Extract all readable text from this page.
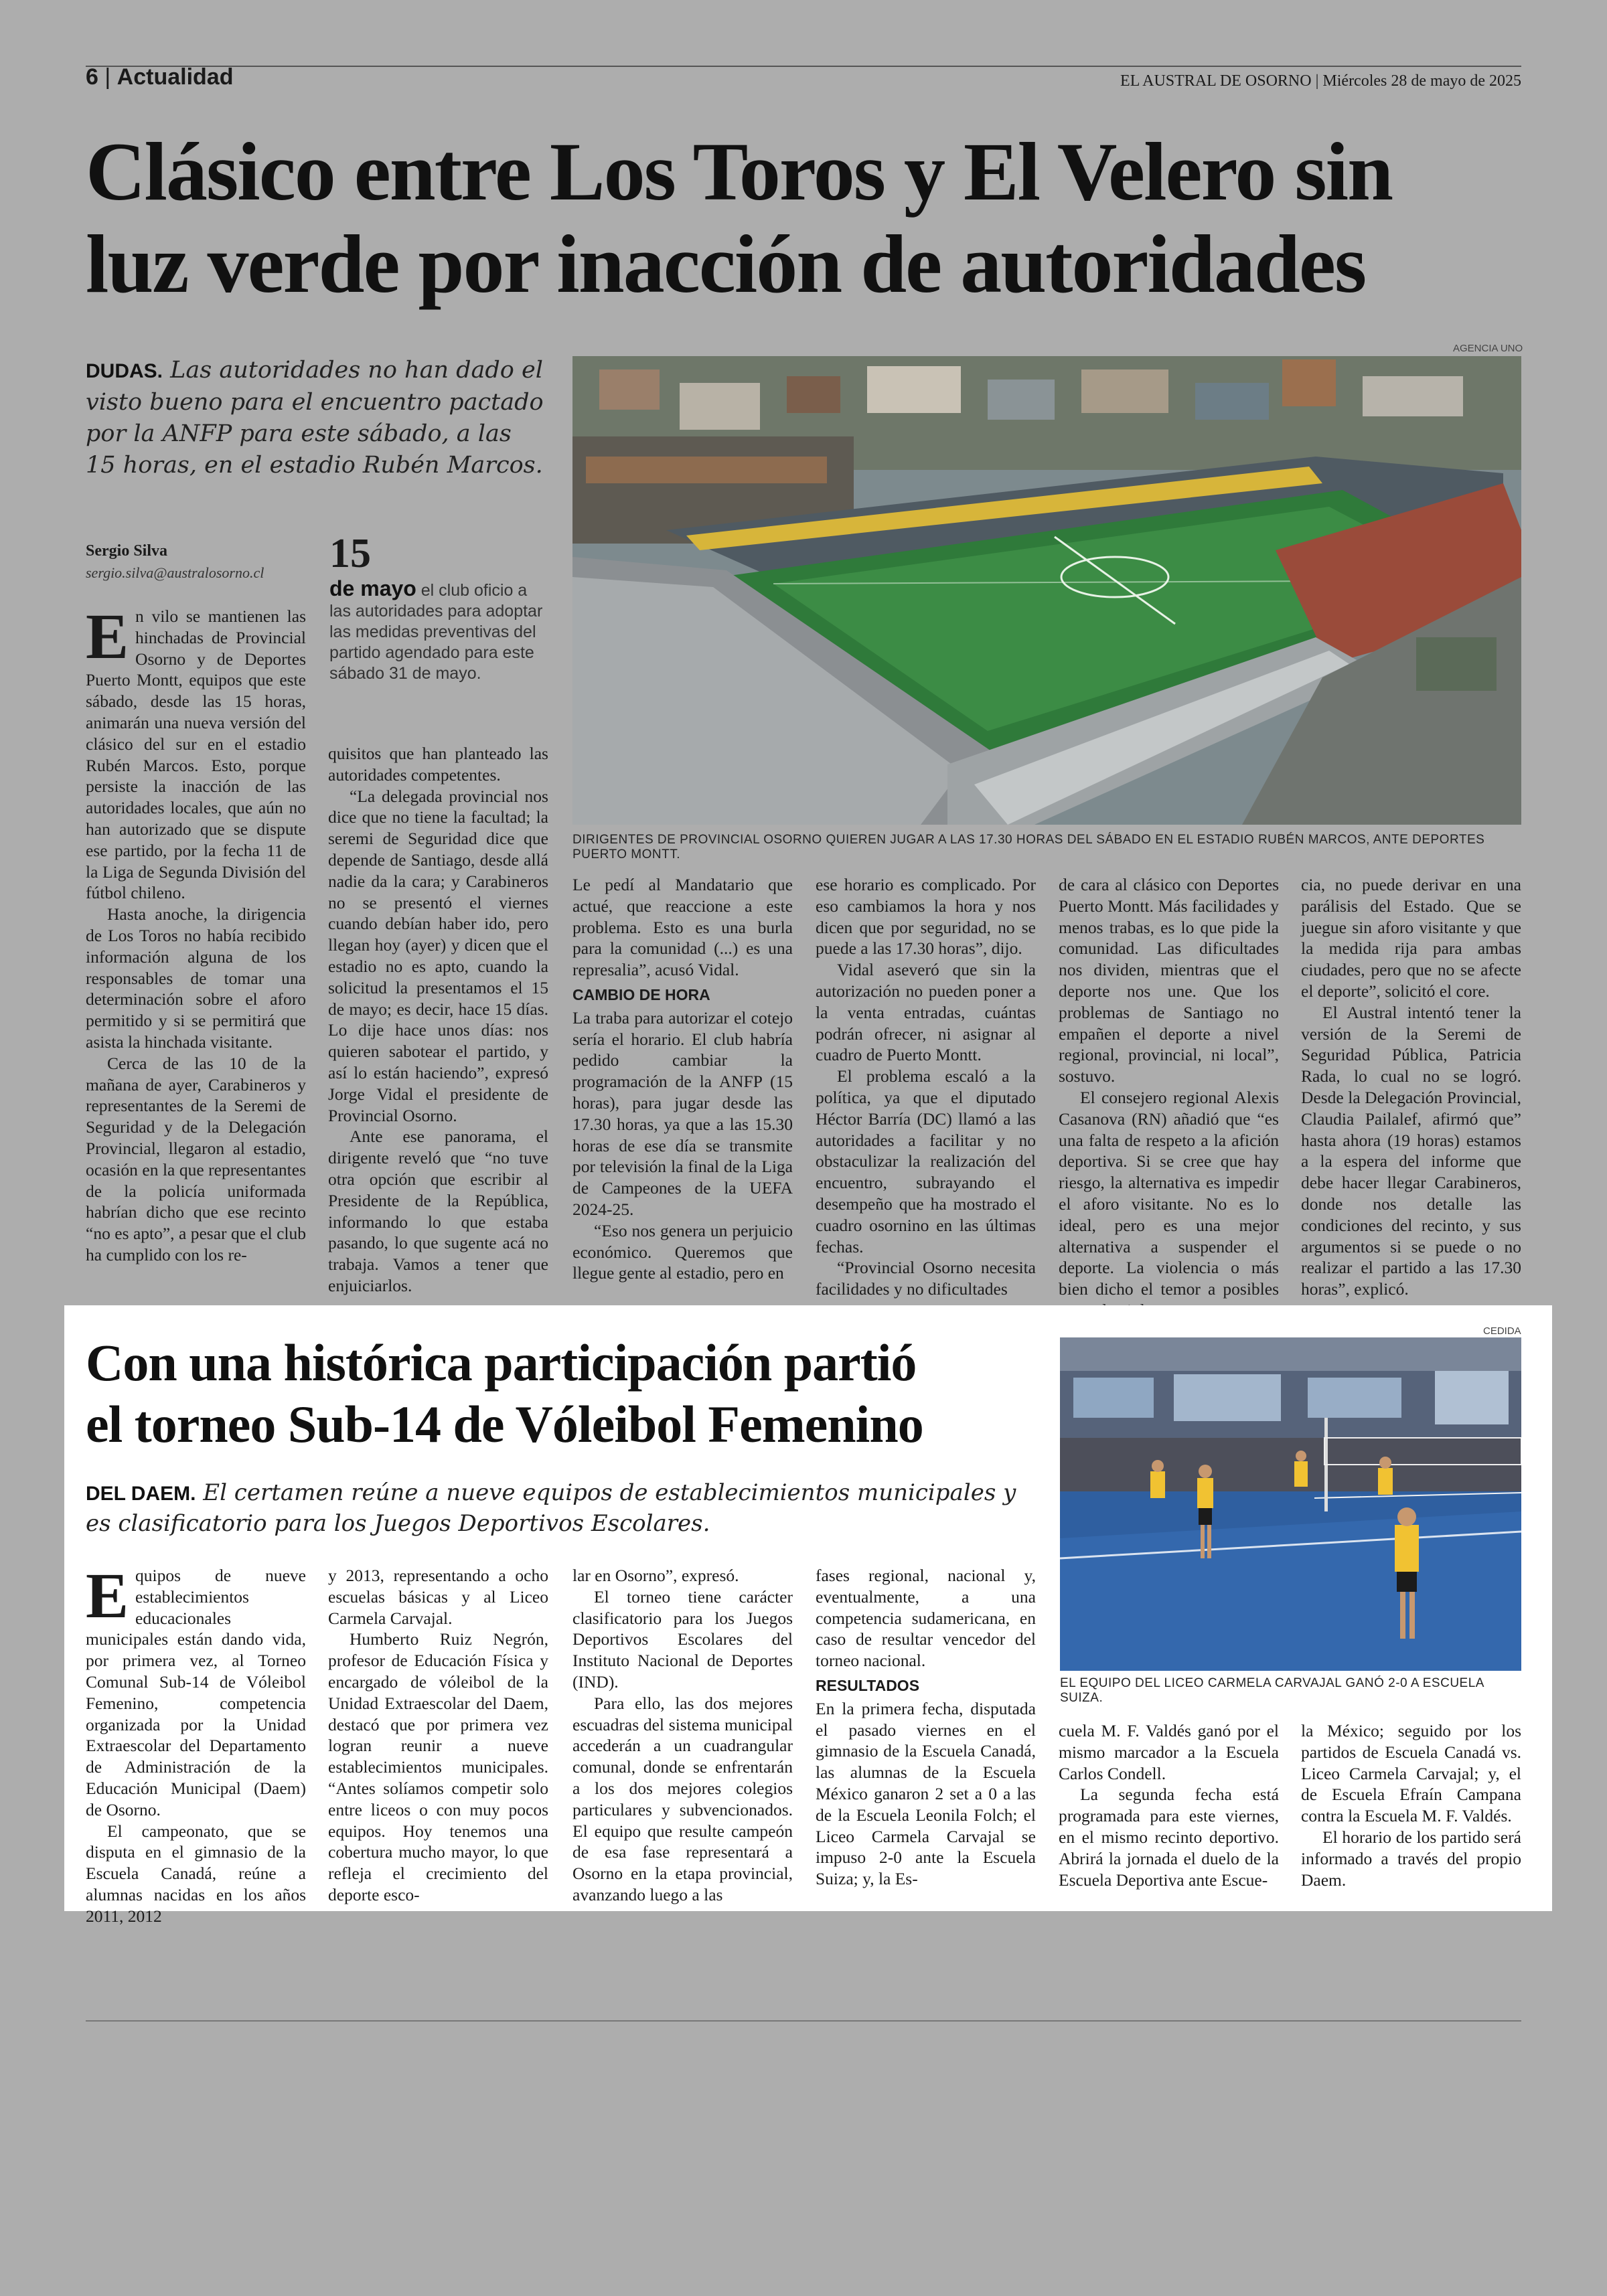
6 | Actualidad	EL AUSTRAL DE OSORNO | Miércoles 28 de mayo de 2025
Clásico entre Los Toros y El Velero sin
luz verde por inacción de autoridades
DUDAS. Las autoridades no han dado el visto bueno para el encuentro pactado por la ANFP para este sábado, a las 15 horas, en el estadio Rubén Marcos.
Sergio Silva
sergio.silva@australosorno.cl 15
de mayo el club oficio a las autoridades para adoptar las medidas preventivas del partido agendado para este sábado 31 de mayo.
AGENCIA UNO
DIRIGENTES DE PROVINCIAL OSORNO QUIEREN JUGAR A LAS 17.30 HORAS DEL SÁBADO EN EL ESTADIO RUBÉN MARCOS, ANTE DEPORTES PUERTO MONTT.

En vilo se mantienen las hinchadas de Provincial Osorno y de Deportes Puerto Montt, equipos que este sábado, desde las 15 horas, animarán una nueva versión del clásico del sur en el estadio Rubén Marcos. Esto, porque persiste la inacción de las autoridades locales, que aún no han autorizado que se dispute ese partido, por la fecha 11 de la Liga de Segunda División del fútbol chileno.

Hasta anoche, la dirigencia de Los Toros no había recibido información alguna de los responsables de tomar una determinación sobre el aforo permitido y si se permitirá que asista la hinchada visitante.

Cerca de las 10 de la mañana de ayer, Carabineros y representantes de la Seremi de Seguridad y de la Delegación Provincial, llegaron al estadio, ocasión en la que representantes de la policía uniformada habrían dicho que ese recinto “no es apto”, a pesar que el club ha cumplido con los re-

quisitos que han planteado las autoridades competentes.

“La delegada provincial nos dice que no tiene la facultad; la seremi de Seguridad dice que depende de Santiago, desde allá nadie da la cara; y Carabineros no se presentó el viernes cuando debían haber ido, pero llegan hoy (ayer) y dicen que el estadio no es apto, cuando la solicitud la presentamos el 15 de mayo; es decir, hace 15 días. Lo dije hace unos días: nos quieren sabotear el partido, y así lo están haciendo”, expresó Jorge Vidal el presidente de Provincial Osorno.

Ante ese panorama, el dirigente reveló que “no tuve otra opción que escribir al Presidente de la República, informando lo que estaba pasando, lo que sugente acá no trabaja. Vamos a tener que enjuiciarlos.

Le pedí al Mandatario que actué, que reaccione a este problema. Esto es una burla para la comunidad (...) es una represalia”, acusó Vidal.

CAMBIO DE HORA

La traba para autorizar el cotejo sería el horario. El club habría pedido cambiar la programación de la ANFP (15 horas), para jugar desde las 17.30 horas, ya que a las 15.30 horas de ese día se transmite por televisión la final de la Liga de Campeones de la UEFA 2024-25.

“Eso nos genera un perjuicio económico. Queremos que llegue gente al estadio, pero en

ese horario es complicado. Por eso cambiamos la hora y nos dicen que por seguridad, no se puede a las 17.30 horas”, dijo.

Vidal aseveró que sin la autorización no pueden poner a la venta entradas, cuántas podrán ofrecer, ni asignar al cuadro de Puerto Montt.

El problema escaló a la política, ya que el diputado Héctor Barría (DC) llamó a las autoridades a facilitar y no obstaculizar la realización del encuentro, subrayando el desempeño que ha mostrado el cuadro osornino en las últimas fechas.

“Provincial Osorno necesita facilidades y no dificultades

de cara al clásico con Deportes Puerto Montt. Más facilidades y menos trabas, es lo que pide la comunidad. Las dificultades nos dividen, mientras que el deporte nos une. Que los problemas de Santiago no empañen el deporte a nivel regional, provincial, ni local”, sostuvo.

El consejero regional Alexis Casanova (RN) añadió que “es una falta de respeto a la afición deportiva. Si se cree que hay riesgo, la alternativa es impedir el aforo visitante. No es lo ideal, pero es una mejor alternativa a suspender el deporte. La violencia o más bien dicho el temor a posibles

cia, no puede derivar en una parálisis del Estado. Que se juegue sin aforo visitante y que la medida rija para ambas ciudades, pero que no se afecte el deporte”, solicitó el core.

El Austral intentó tener la versión de la Seremi de Seguridad Pública, Patricia Rada, lo cual no se logró. Desde la Delegación Provincial, Claudia Pailalef, afirmó que” hasta ahora (19 horas) estamos a la espera del informe que debe hacer llegar Carabineros, donde nos detalle las condiciones del recinto, y sus argumentos si se puede o no realizar el partido a las 17.30 horas”, explicó.

Con una histórica participación partió
el torneo Sub-14 de Vóleibol Femenino
DEL DAEM. El certamen reúne a nueve equipos de establecimientos municipales y es clasificatorio para los Juegos Deportivos Escolares.
CEDIDA
EL EQUIPO DEL LICEO CARMELA CARVAJAL GANÓ 2-0 A ESCUELA SUIZA.

Equipos de nueve establecimientos educacionales municipales están dando vida, por primera vez, al Torneo Comunal Sub-14 de Vóleibol Femenino, competencia organizada por la Unidad Extraescolar del Departamento de Administración de la Educación Municipal (Daem) de Osorno.

El campeonato, que se disputa en el gimnasio de la Escuela Canadá, reúne a alumnas nacidas en los años 2011, 2012

y 2013, representando a ocho escuelas básicas y al Liceo Carmela Carvajal.

Humberto Ruiz Negrón, profesor de Educación Física y encargado de vóleibol de la Unidad Extraescolar del Daem, destacó que por primera vez logran reunir a nueve establecimientos municipales. “Antes solíamos competir solo entre liceos o con muy pocos equipos. Hoy tenemos una cobertura mucho mayor, lo que refleja el crecimiento del deporte esco-

lar en Osorno”, expresó.

El torneo tiene carácter clasificatorio para los Juegos Deportivos Escolares del Instituto Nacional de Deportes (IND).

Para ello, las dos mejores escuadras del sistema municipal accederán a un cuadrangular comunal, donde se enfrentarán a los dos mejores colegios particulares y subvencionados. El equipo que resulte campeón de esa fase representará a Osorno en la etapa provincial, avanzando luego a las

fases regional, nacional y, eventualmente, a una competencia sudamericana, en caso de resultar vencedor del torneo nacional.

RESULTADOS

En la primera fecha, disputada el pasado viernes en el gimnasio de la Escuela Canadá, las alumnas de la Escuela México ganaron 2 set a 0 a las de la Escuela Leonila Folch; el Liceo Carmela Carvajal se impuso 2-0 ante la Escuela Suiza; y, la Es-

cuela M. F. Valdés ganó por el mismo marcador a la Escuela Carlos Condell.

La segunda fecha está programada para este viernes, en el mismo recinto deportivo. Abrirá la jornada el duelo de la Escuela Deportiva ante Escue-

la México; seguido por los partidos de Escuela Canadá vs. Liceo Carmela Carvajal; y, el de Escuela Efraín Campana contra la Escuela M. F. Valdés.

El horario de los partido será informado a través del propio Daem.
